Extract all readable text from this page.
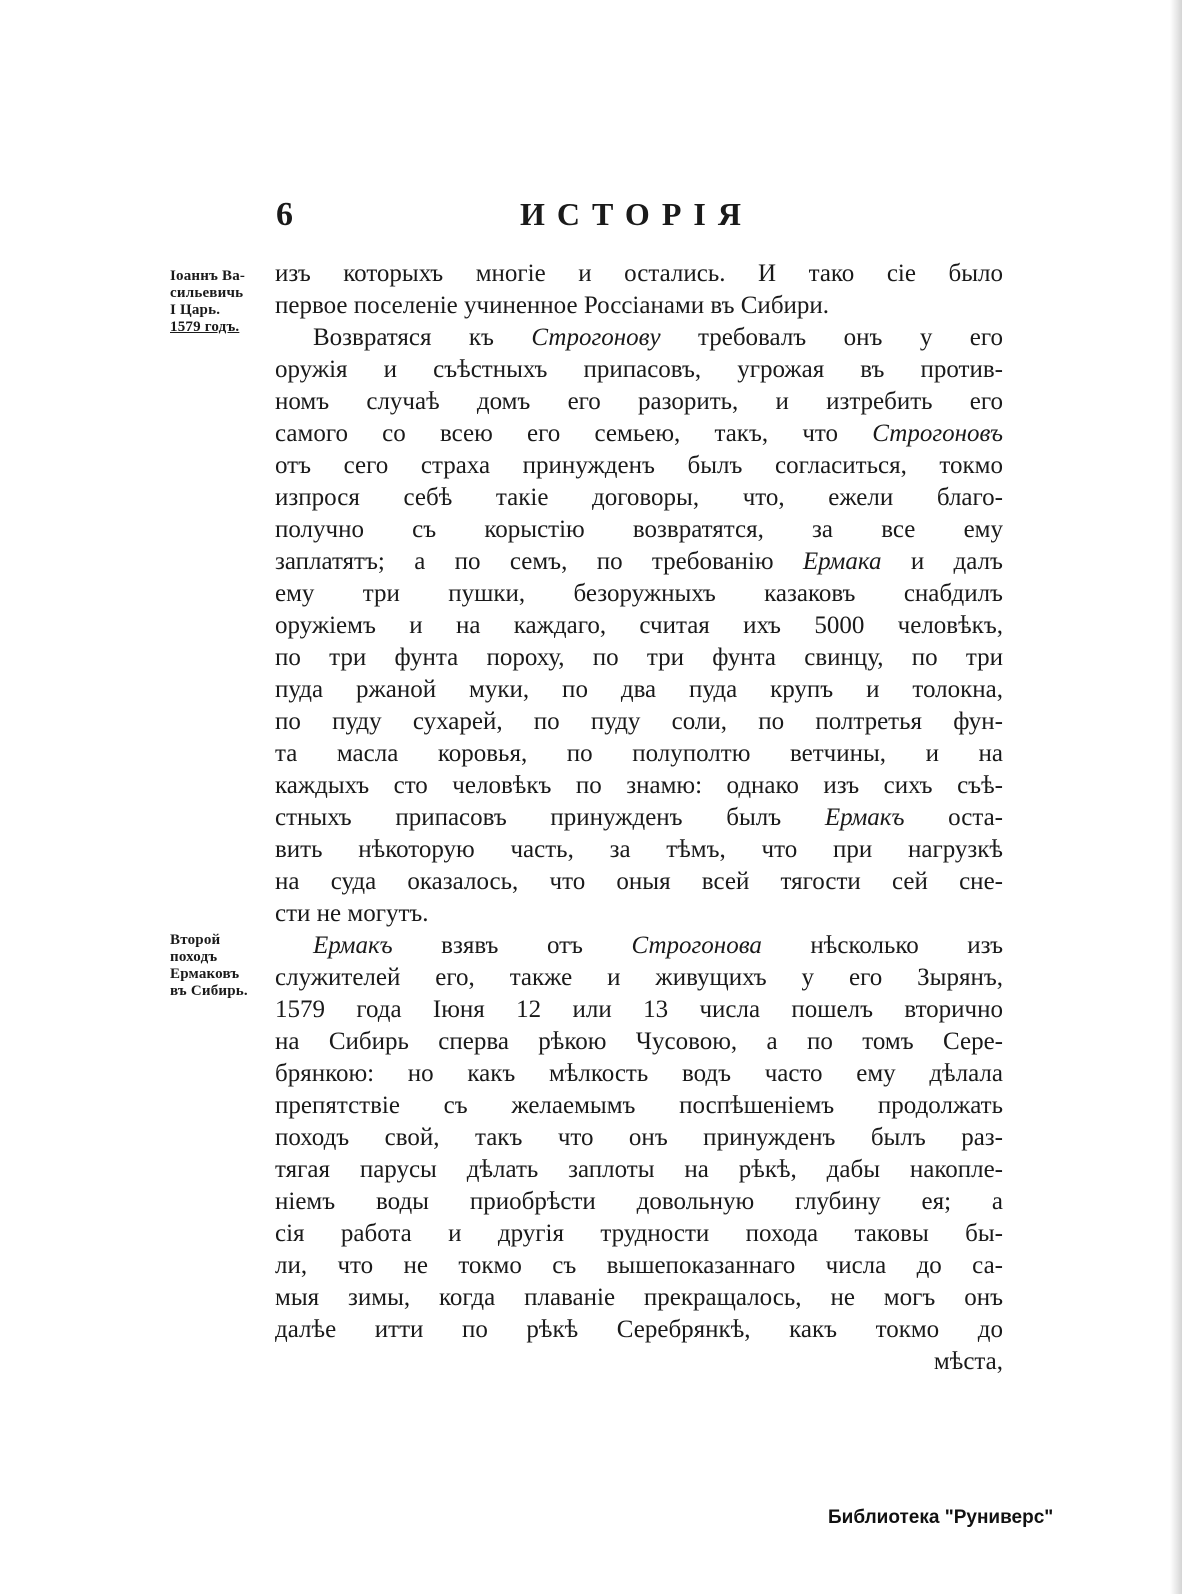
6	ИСТОРІЯ
Іоаннъ Ва-
сильевичь
І Царь.
1579 годъ.
Второй
походъ
Ермаковъ
въ Сибирь.
изъ которыхъ многіе и остались. И тако сіе было
первое поселеніе учиненное Россіанами въ Сибири.
Возвратяся къ Строгонову требовалъ онъ у его
оружія и съѣстныхъ припасовъ, угрожая въ против-
номъ случаѣ домъ его разорить, и изтребить его
самого со всею его семьею, такъ, что Строгоновъ
отъ сего страха принужденъ былъ согласиться, токмо
изпрося себѣ такіе договоры, что, ежели благо-
получно съ корыстію возвратятся, за все ему
заплатятъ; а по семъ, по требованію Ермака и далъ
ему три пушки, безоружныхъ казаковъ снабдилъ
оружіемъ и на каждаго, считая ихъ 5000 человѣкъ,
по три фунта пороху, по три фунта свинцу, по три
пуда ржаной муки, по два пуда крупъ и толокна,
по пуду сухарей, по пуду соли, по полтретья фун-
та масла коровья, по полуполтю ветчины, и на
каждыхъ сто человѣкъ по знамю: однако изъ сихъ съѣ-
стныхъ припасовъ принужденъ былъ Ермакъ оста-
вить нѣкоторую часть, за тѣмъ, что при нагрузкѣ
на суда оказалось, что оныя всей тягости сей сне-
сти не могутъ.
Ермакъ взявъ отъ Строгонова нѣсколько изъ
служителей его, также и живущихъ у его Зырянъ,
1579 года Іюня 12 или 13 числа пошелъ вторично
на Сибирь сперва рѣкою Чусовою, а по томъ Сере-
брянкою: но какъ мѣлкость водъ часто ему дѣлала
препятствіе съ желаемымъ поспѣшеніемъ продолжать
походъ свой, такъ что онъ принужденъ былъ раз-
тягая парусы дѣлать заплоты на рѣкѣ, дабы накопле-
ніемъ воды приобрѣсти довольную глубину ея; а
сія работа и другія трудности похода таковы бы-
ли, что не токмо съ вышепоказаннаго числа до са-
мыя зимы, когда плаваніе прекращалось, не могъ онъ
далѣе итти по рѣкѣ Серебрянкѣ, какъ токмо до
мѣста,
Библиотека "Руниверс"
